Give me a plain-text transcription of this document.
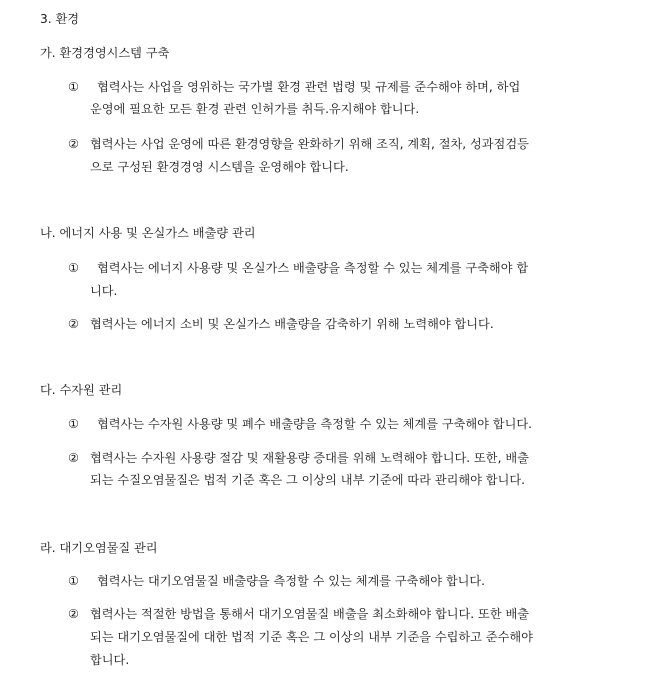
3. 환경
가. 환경경영시스템 구축
① 협력사는 사업을 영위하는 국가별 환경 관련 법령 및 규제를 준수해야 하며, 하업
운영에 필요한 모든 환경 관련 인허가를 취득.유지해야 합니다.
② 협력사는 사업 운영에 따른 환경영향을 완화하기 위해 조직, 계획, 절차, 성과점검등
으로 구성된 환경경영 시스템을 운영해야 합니다.
나. 에너지 사용 및 온실가스 배출량 관리
① 협력사는 에너지 사용량 및 온실가스 배출량을 측정할 수 있는 체계를 구축해야 합
니다.
② 협력사는 에너지 소비 및 온실가스 배출량을 감축하기 위해 노력해야 합니다.
다. 수자원 관리
① 협력사는 수자원 사용량 및 폐수 배출량을 측정할 수 있는 체계를 구축해야 합니다.
② 협력사는 수자원 사용량 절감 및 재활용량 증대를 위해 노력해야 합니다. 또한, 배출
되는 수질오염물질은 법적 기준 혹은 그 이상의 내부 기준에 따라 관리해야 합니다.
라. 대기오염물질 관리
① 협력사는 대기오염물질 배출량을 측정할 수 있는 체계를 구축해야 합니다.
② 협력사는 적절한 방법을 통해서 대기오염물질 배출을 최소화해야 합니다. 또한 배출
되는 대기오염물질에 대한 법적 기준 혹은 그 이상의 내부 기준을 수립하고 준수해야
합니다.
